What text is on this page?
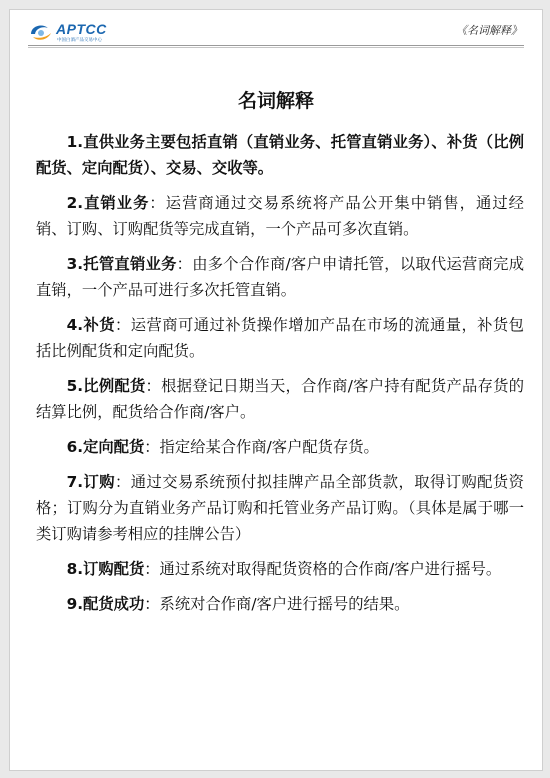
APTCC
中国白酒产品交易中心
《名词解释》
名词解释

1.直供业务主要包括直销（直销业务、托管直销业务）、补货（比例配货、定向配货）、交易、交收等。

2.直销业务：运营商通过交易系统将产品公开集中销售，通过经销、订购、订购配货等完成直销，一个产品可多次直销。

3.托管直销业务：由多个合作商/客户申请托管，以取代运营商完成直销，一个产品可进行多次托管直销。

4.补货：运营商可通过补货操作增加产品在市场的流通量，补货包括比例配货和定向配货。

5.比例配货：根据登记日期当天，合作商/客户持有配货产品存货的结算比例，配货给合作商/客户。

6.定向配货：指定给某合作商/客户配货存货。

7.订购：通过交易系统预付拟挂牌产品全部货款，取得订购配货资格；订购分为直销业务产品订购和托管业务产品订购。（具体是属于哪一类订购请参考相应的挂牌公告）

8.订购配货：通过系统对取得配货资格的合作商/客户进行摇号。

9.配货成功：系统对合作商/客户进行摇号的结果。
